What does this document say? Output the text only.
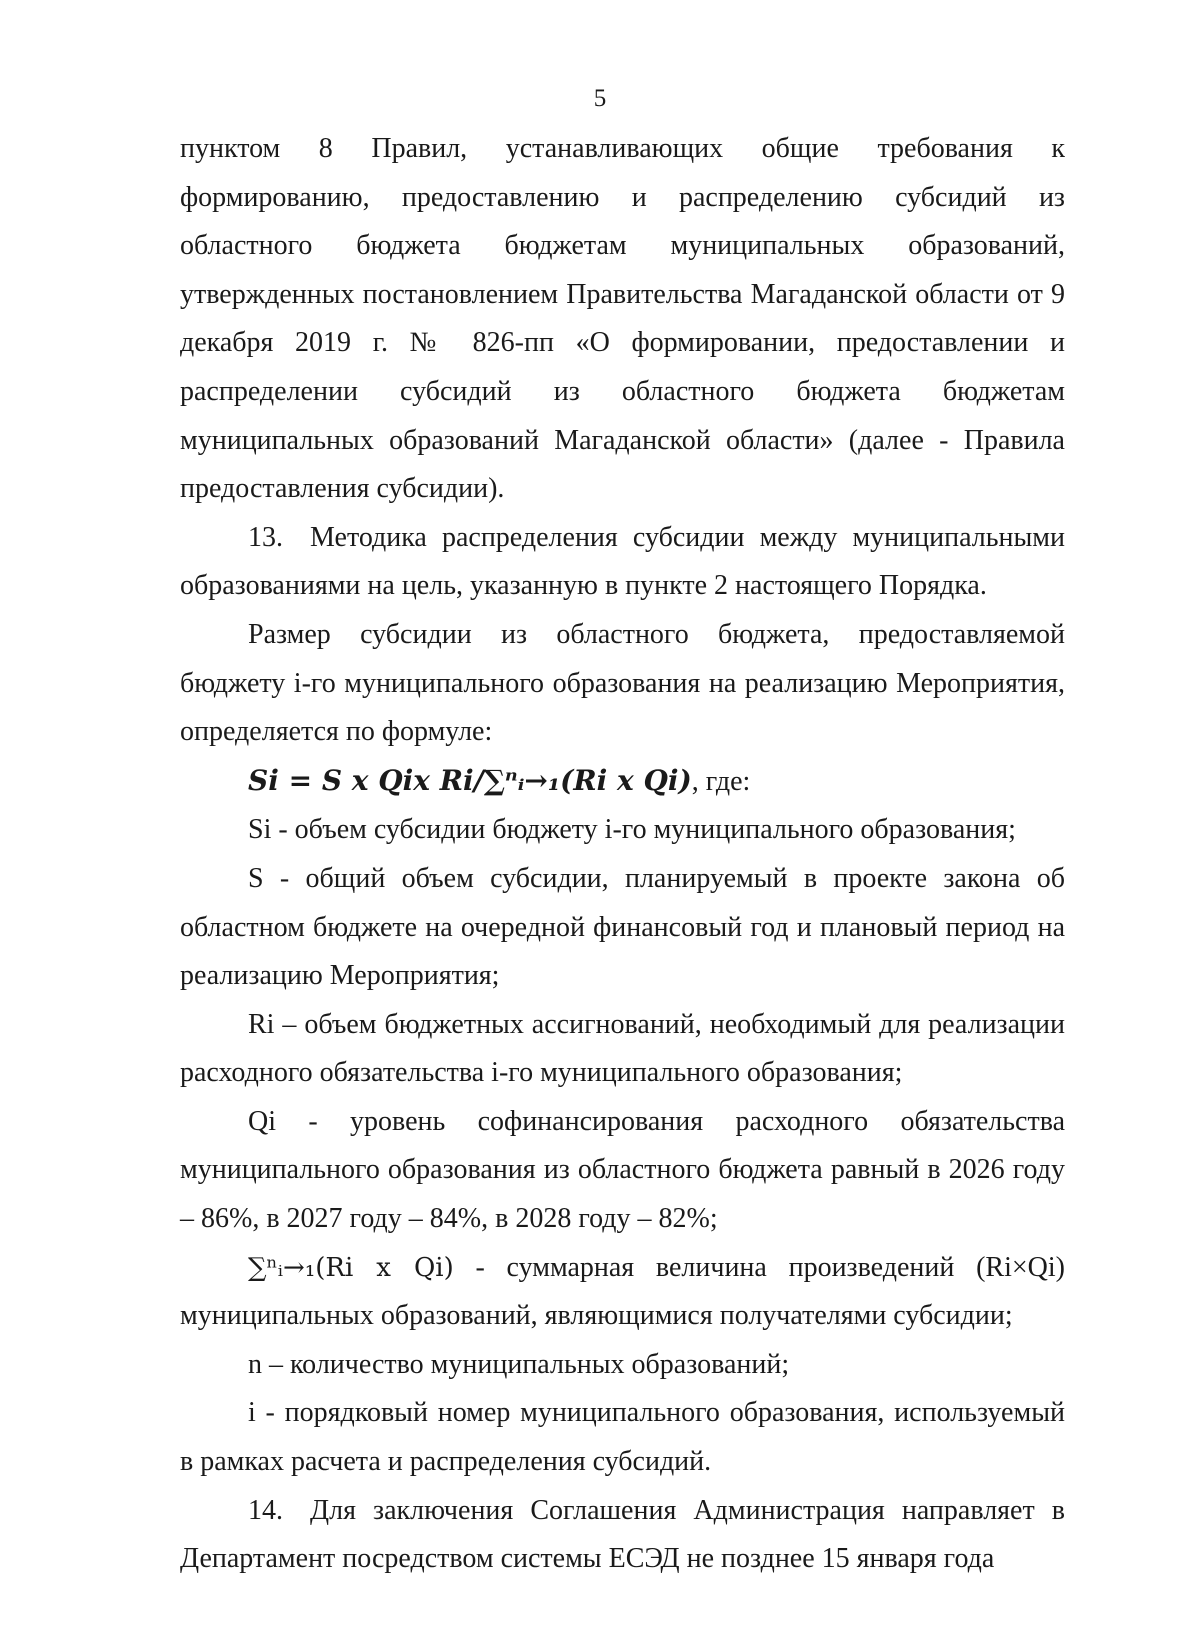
5

пунктом 8 Правил, устанавливающих общие требования к формированию, предоставлению и распределению субсидий из областного бюджета бюджетам муниципальных образований, утвержденных постановлением Правительства Магаданской области от 9 декабря 2019 г. № 826-пп «О формировании, предоставлении и распределении субсидий из областного бюджета бюджетам муниципальных образований Магаданской области» (далее - Правила предоставления субсидии).

13. Методика распределения субсидии между муниципальными образованиями на цель, указанную в пункте 2 настоящего Порядка.

Размер субсидии из областного бюджета, предоставляемой бюджету i-го муниципального образования на реализацию Мероприятия, определяется по формуле:

Si = S x Qix Ri/∑ⁿᵢ→₁(Ri x Qi), где:

Si - объем субсидии бюджету i-го муниципального образования;

S - общий объем субсидии, планируемый в проекте закона об областном бюджете на очередной финансовый год и плановый период на реализацию Мероприятия;

Ri – объем бюджетных ассигнований, необходимый для реализации расходного обязательства i-го муниципального образования;

Qi - уровень софинансирования расходного обязательства муниципального образования из областного бюджета равный в 2026 году – 86%, в 2027 году – 84%, в 2028 году – 82%;

∑ⁿᵢ→₁(Ri x Qi) - суммарная величина произведений (Ri×Qi) муниципальных образований, являющимися получателями субсидии;

n – количество муниципальных образований;

i - порядковый номер муниципального образования, используемый в рамках расчета и распределения субсидий.

14. Для заключения Соглашения Администрация направляет в Департамент посредством системы ЕСЭД не позднее 15 января года
